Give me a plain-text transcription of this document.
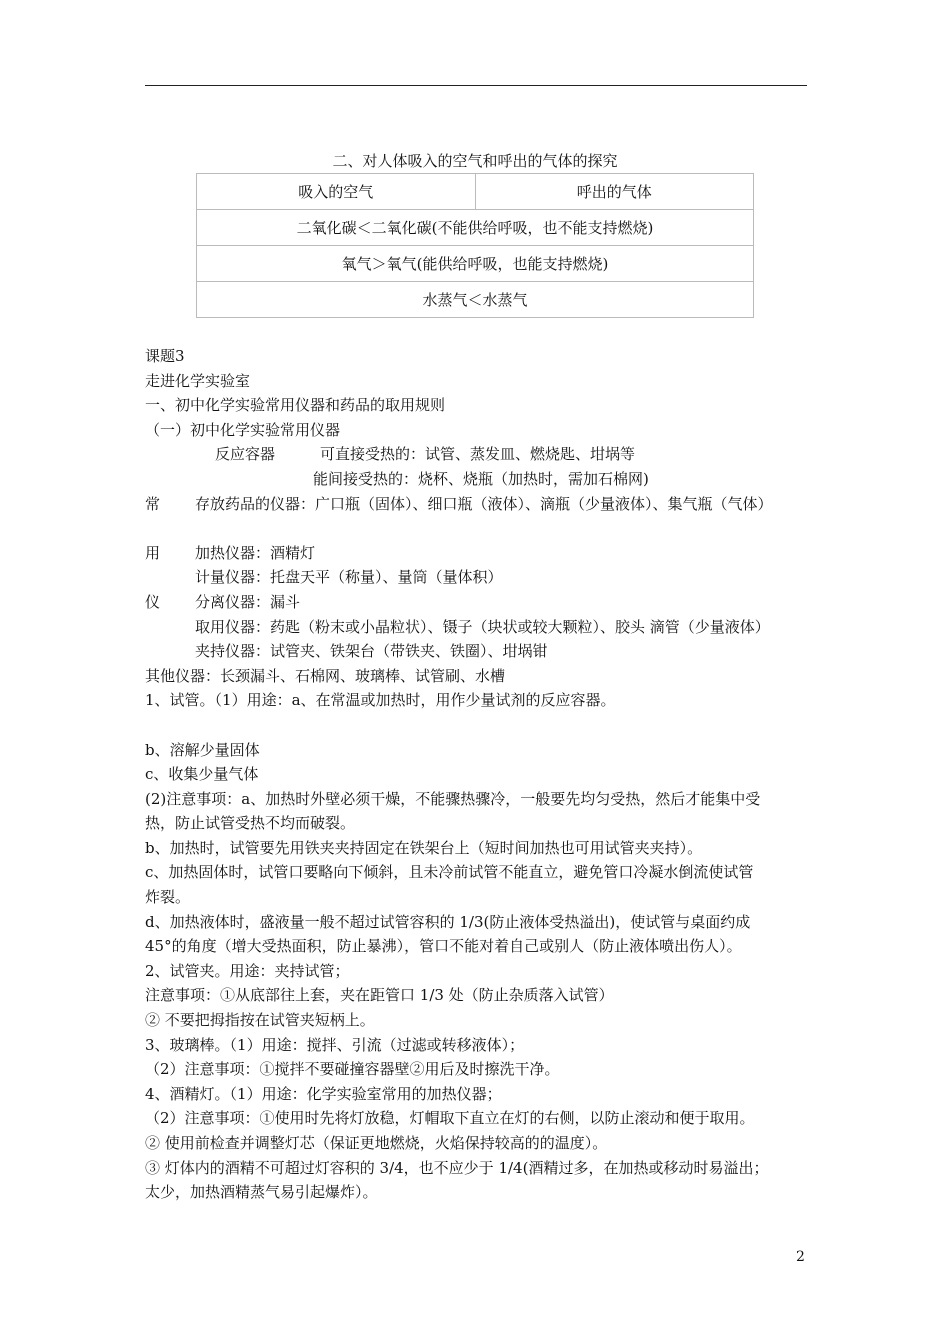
二、对人体吸入的空气和呼出的气体的探究
吸入的空气	呼出的气体
二氧化碳＜二氧化碳(不能供给呼吸，也不能支持燃烧)
氧气＞氧气(能供给呼吸，也能支持燃烧)
水蒸气＜水蒸气
课题3
走进化学实验室
一、初中化学实验常用仪器和药品的取用规则
（一）初中化学实验常用仪器
反应容器　　　	可直接受热的：试管、蒸发皿、燃烧匙、坩埚等
能间接受热的：烧杯、烧瓶（加热时，需加石棉网)
常 存放药品的仪器：广口瓶（固体）、细口瓶（液体）、滴瓶（少量液体）、集气瓶（气体）
用 加热仪器：酒精灯
计量仪器：托盘天平（称量）、量筒（量体积）
仪 分离仪器：漏斗
取用仪器：药匙（粉末或小晶粒状）、镊子（块状或较大颗粒）、胶头 滴管（少量液体）
夹持仪器：试管夹、铁架台（带铁夹、铁圈）、坩埚钳
其他仪器：长颈漏斗、石棉网、玻璃棒、试管刷、水槽
1、试管。（1）用途：a、在常温或加热时，用作少量试剂的反应容器。
b、溶解少量固体
c、收集少量气体
(2)注意事项：a、加热时外壁必须干燥，不能骤热骤冷，一般要先均匀受热，然后才能集中受
热，防止试管受热不均而破裂。
b、加热时，试管要先用铁夹夹持固定在铁架台上（短时间加热也可用试管夹夹持）。
c、加热固体时，试管口要略向下倾斜，且未冷前试管不能直立，避免管口冷凝水倒流使试管
炸裂。
d、加热液体时，盛液量一般不超过试管容积的 1/3(防止液体受热溢出)，使试管与桌面约成
45°的角度（增大受热面积，防止暴沸），管口不能对着自己或别人（防止液体喷出伤人）。
2、试管夹。用途：夹持试管；
注意事项：①从底部往上套，夹在距管口 1/3 处（防止杂质落入试管）
② 不要把拇指按在试管夹短柄上。
3、玻璃棒。（1）用途：搅拌、引流（过滤或转移液体）；
（2）注意事项：①搅拌不要碰撞容器壁②用后及时擦洗干净。
4、酒精灯。（1）用途：化学实验室常用的加热仪器；
（2）注意事项：①使用时先将灯放稳，灯帽取下直立在灯的右侧，以防止滚动和便于取用。
② 使用前检查并调整灯芯（保证更地燃烧，火焰保持较高的的温度）。
③ 灯体内的酒精不可超过灯容积的 3/4，也不应少于 1/4(酒精过多，在加热或移动时易溢出；
太少，加热酒精蒸气易引起爆炸）。
2
